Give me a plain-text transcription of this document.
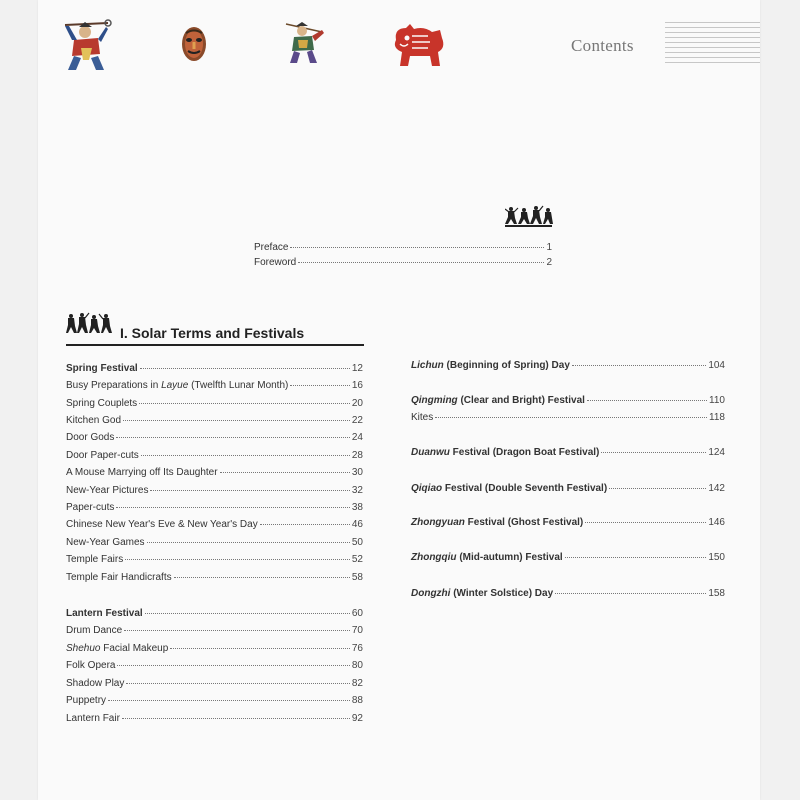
Contents
Preface	1
Foreword	2
I. Solar Terms and Festivals
Spring Festival	12
Busy Preparations in Layue (Twelfth Lunar Month)	16
Spring Couplets	20
Kitchen God	22
Door Gods	24
Door Paper-cuts	28
A Mouse Marrying off Its Daughter	30
New-Year Pictures	32
Paper-cuts	38
Chinese New Year's Eve & New Year's Day	46
New-Year Games	50
Temple Fairs	52
Temple Fair Handicrafts	58
Lantern Festival	60
Drum Dance	70
Shehuo Facial Makeup	76
Folk Opera	80
Shadow Play	82
Puppetry	88
Lantern Fair	92
Lichun (Beginning of Spring) Day	104
Qingming (Clear and Bright) Festival	110
Kites	118
Duanwu Festival (Dragon Boat Festival)	124
Qiqiao Festival (Double Seventh Festival)	142
Zhongyuan Festival (Ghost Festival)	146
Zhongqiu (Mid-autumn) Festival	150
Dongzhi (Winter Solstice) Day	158
